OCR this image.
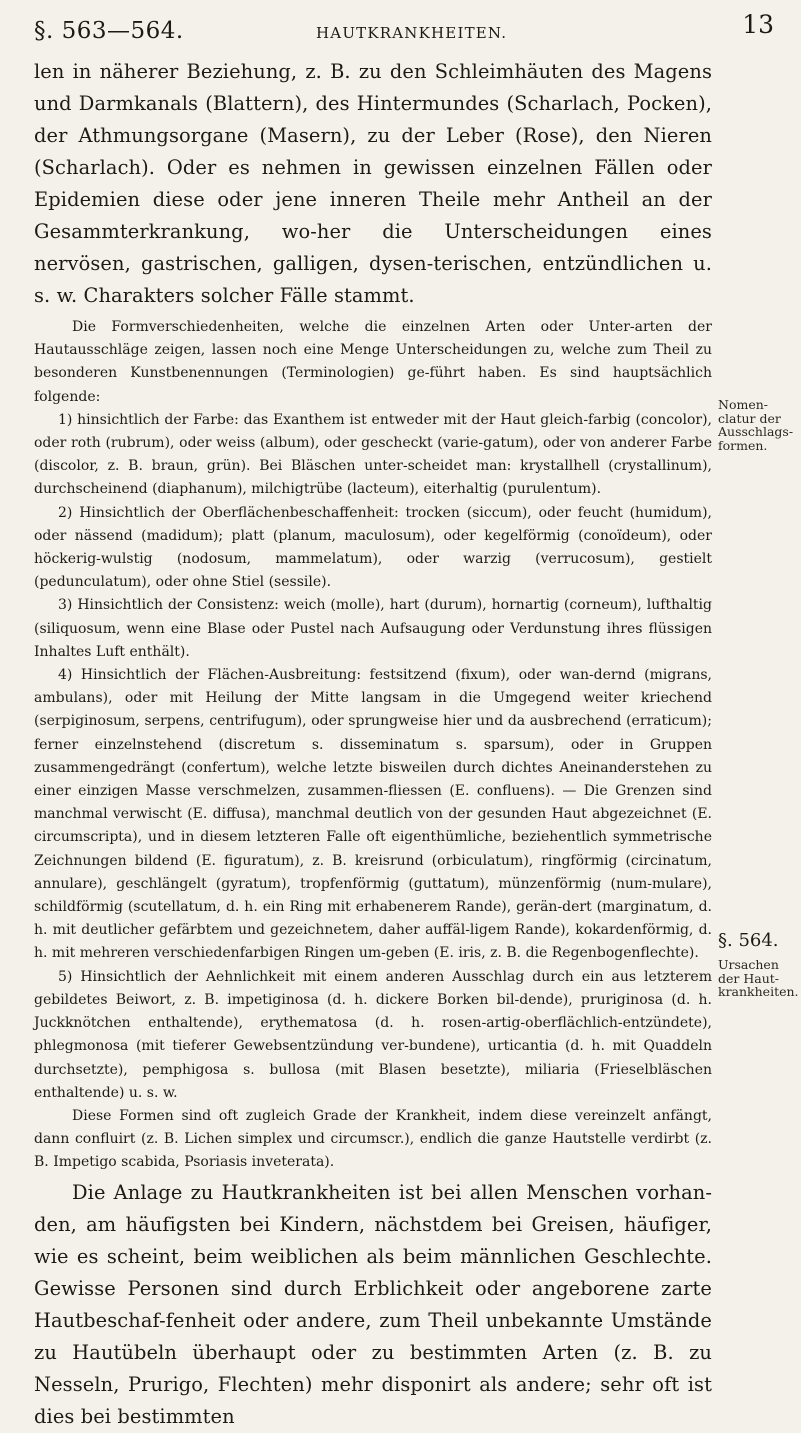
§. 563—564.	HAUTKRANKHEITEN.	13

len in näherer Beziehung, z. B. zu den Schleimhäuten des Magens und Darmkanals (Blattern), des Hintermundes (Scharlach, Pocken), der Athmungsorgane (Masern), zu der Leber (Rose), den Nieren (Scharlach). Oder es nehmen in gewissen einzelnen Fällen oder Epidemien diese oder jene inneren Theile mehr Antheil an der Gesammterkrankung, wo-her die Unterscheidungen eines nervösen, gastrischen, galligen, dysen-terischen, entzündlichen u. s. w. Charakters solcher Fälle stammt.

Die Formverschiedenheiten, welche die einzelnen Arten oder Unter-arten der Hautausschläge zeigen, lassen noch eine Menge Unterscheidungen zu, welche zum Theil zu besonderen Kunstbenennungen (Terminologien) ge-führt haben. Es sind hauptsächlich folgende:

1) hinsichtlich der Farbe: das Exanthem ist entweder mit der Haut gleich-farbig (concolor), oder roth (rubrum), oder weiss (album), oder gescheckt (varie-gatum), oder von anderer Farbe (discolor, z. B. braun, grün). Bei Bläschen unter-scheidet man: krystallhell (crystallinum), durchscheinend (diaphanum), milchigtrübe (lacteum), eiterhaltig (purulentum).

2) Hinsichtlich der Oberflächenbeschaffenheit: trocken (siccum), oder feucht (humidum), oder nässend (madidum); platt (planum, maculosum), oder kegelförmig (conoïdeum), oder höckerig-wulstig (nodosum, mammelatum), oder warzig (verrucosum), gestielt (pedunculatum), oder ohne Stiel (sessile).

3) Hinsichtlich der Consistenz: weich (molle), hart (durum), hornartig (corneum), lufthaltig (siliquosum, wenn eine Blase oder Pustel nach Aufsaugung oder Verdunstung ihres flüssigen Inhaltes Luft enthält).

4) Hinsichtlich der Flächen-Ausbreitung: festsitzend (fixum), oder wan-dernd (migrans, ambulans), oder mit Heilung der Mitte langsam in die Umgegend weiter kriechend (serpiginosum, serpens, centrifugum), oder sprungweise hier und da ausbrechend (erraticum); ferner einzelnstehend (discretum s. disseminatum s. sparsum), oder in Gruppen zusammengedrängt (confertum), welche letzte bisweilen durch dichtes Aneinanderstehen zu einer einzigen Masse verschmelzen, zusammen-fliessen (E. confluens). — Die Grenzen sind manchmal verwischt (E. diffusa), manchmal deutlich von der gesunden Haut abgezeichnet (E. circumscripta), und in diesem letzteren Falle oft eigenthümliche, beziehentlich symmetrische Zeichnungen bildend (E. figuratum), z. B. kreisrund (orbiculatum), ringförmig (circinatum, annulare), geschlängelt (gyratum), tropfenförmig (guttatum), münzenförmig (num-mulare), schildförmig (scutellatum, d. h. ein Ring mit erhabenerem Rande), gerän-dert (marginatum, d. h. mit deutlicher gefärbtem und gezeichnetem, daher auffäl-ligem Rande), kokardenförmig, d. h. mit mehreren verschiedenfarbigen Ringen um-geben (E. iris, z. B. die Regenbogenflechte).

5) Hinsichtlich der Aehnlichkeit mit einem anderen Ausschlag durch ein aus letzterem gebildetes Beiwort, z. B. impetiginosa (d. h. dickere Borken bil-dende), pruriginosa (d. h. Juckknötchen enthaltende), erythematosa (d. h. rosen-artig-oberflächlich-entzündete), phlegmonosa (mit tieferer Gewebsentzündung ver-bundene), urticantia (d. h. mit Quaddeln durchsetzte), pemphigosa s. bullosa (mit Blasen besetzte), miliaria (Frieselbläschen enthaltende) u. s. w.

Diese Formen sind oft zugleich Grade der Krankheit, indem diese vereinzelt anfängt, dann confluirt (z. B. Lichen simplex und circumscr.), endlich die ganze Hautstelle verdirbt (z. B. Impetigo scabida, Psoriasis inveterata).

Die Anlage zu Hautkrankheiten ist bei allen Menschen vorhan-den, am häufigsten bei Kindern, nächstdem bei Greisen, häufiger, wie es scheint, beim weiblichen als beim männlichen Geschlechte. Gewisse Personen sind durch Erblichkeit oder angeborene zarte Hautbeschaf-fenheit oder andere, zum Theil unbekannte Umstände zu Hautübeln überhaupt oder zu bestimmten Arten (z. B. zu Nesseln, Prurigo, Flechten) mehr disponirt als andere; sehr oft ist dies bei bestimmten

Nomen-clatur der Ausschlags-formen.
§. 564.
Ursachen der Haut-krankheiten.
